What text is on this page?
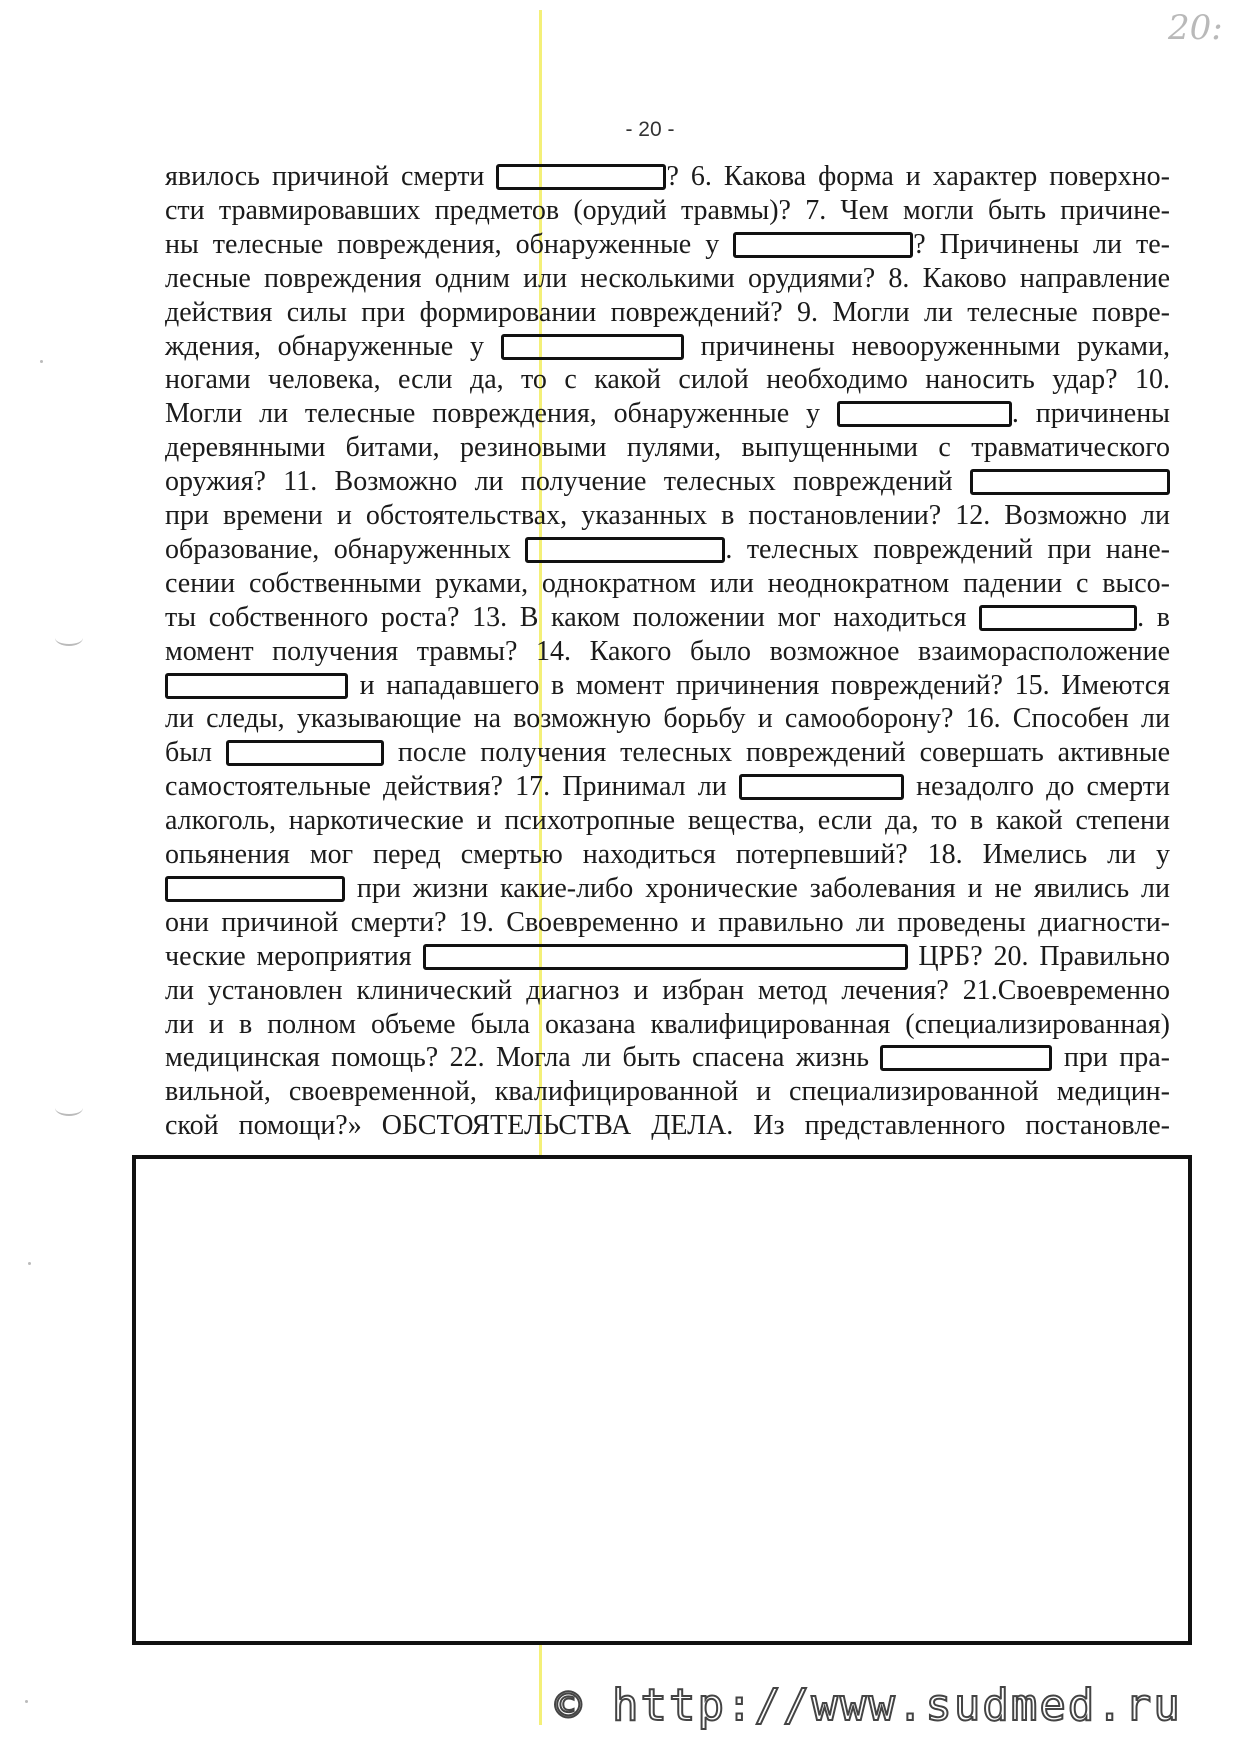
20:
- 20 -
явилось причиной смерти	? 6. Какова форма и характер поверхно-
сти травмировавших предметов (орудий травмы)? 7. Чем могли быть причине-
ны телесные повреждения, обнаруженные у	? Причинены ли те-
лесные повреждения одним или несколькими орудиями? 8. Каково направление
действия силы при формировании повреждений? 9. Могли ли телесные повре-
ждения, обнаруженные у	причинены невооруженными руками,
ногами человека, если да, то с какой силой необходимо наносить удар? 10.
Могли ли телесные повреждения, обнаруженные у	. причинены
деревянными битами, резиновыми пулями, выпущенными с травматического
оружия? 11. Возможно ли получение телесных повреждений
при времени и обстоятельствах, указанных в постановлении? 12. Возможно ли
образование, обнаруженных	. телесных повреждений при нане-
сении собственными руками, однократном или неоднократном падении с высо-
ты собственного роста? 13. В каком положении мог находиться	. в
момент получения травмы? 14. Какого было возможное взаиморасположение
и нападавшего в момент причинения повреждений? 15. Имеются
ли следы, указывающие на возможную борьбу и самооборону? 16. Способен ли
был	после получения телесных повреждений совершать активные
самостоятельные действия? 17. Принимал ли	незадолго до смерти
алкоголь, наркотические и психотропные вещества, если да, то в какой степени
опьянения мог перед смертью находиться потерпевший? 18. Имелись ли у
при жизни какие-либо хронические заболевания и не явились ли
они причиной смерти? 19. Своевременно и правильно ли проведены диагности-
ческие мероприятия	ЦРБ? 20. Правильно
ли установлен клинический диагноз и избран метод лечения? 21.Своевременно
ли и в полном объеме была оказана квалифицированная (специализированная)
медицинская помощь? 22. Могла ли быть спасена жизнь	при пра-
вильной, своевременной, квалифицированной и специализированной медицин-
ской помощи?» ОБСТОЯТЕЛЬСТВА ДЕЛА. Из представленного постановле-
© http://www.sudmed.ru
